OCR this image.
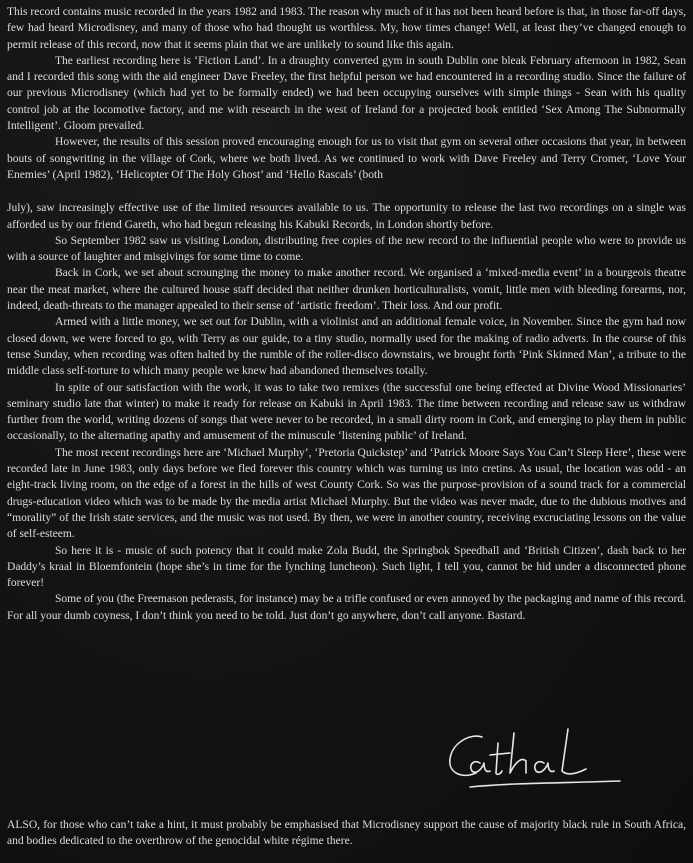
This record contains music recorded in the years 1982 and 1983. The reason why much of it has not been heard before is that, in those far-off days, few had heard Microdisney, and many of those who had thought us worthless. My, how times change! Well, at least they’ve changed enough to permit release of this record, now that it seems plain that we are unlikely to sound like this again.

The earliest recording here is ‘Fiction Land’. In a draughty converted gym in south Dublin one bleak February afternoon in 1982, Sean and I recorded this song with the aid engineer Dave Freeley, the first helpful person we had encountered in a recording studio. Since the failure of our previous Microdisney (which had yet to be formally ended) we had been occupying ourselves with simple things - Sean with his quality control job at the locomotive factory, and me with research in the west of Ireland for a projected book entitled ‘Sex Among The Subnormally Intelligent’. Gloom prevailed.

However, the results of this session proved encouraging enough for us to visit that gym on several other occasions that year, in between bouts of songwriting in the village of Cork, where we both lived. As we continued to work with Dave Freeley and Terry Cromer, ‘Love Your Enemies’ (April 1982), ‘Helicopter Of The Holy Ghost’ and ‘Hello Rascals’ (both

July), saw increasingly effective use of the limited resources available to us. The opportunity to release the last two recordings on a single was afforded us by our friend Gareth, who had begun releasing his Kabuki Records, in London shortly before.

So September 1982 saw us visiting London, distributing free copies of the new record to the influential people who were to provide us with a source of laughter and misgivings for some time to come.

Back in Cork, we set about scrounging the money to make another record. We organised a ‘mixed-media event’ in a bourgeois theatre near the meat market, where the cultured house staff decided that neither drunken horticulturalists, vomit, little men with bleeding forearms, nor, indeed, death-threats to the manager appealed to their sense of ‘artistic freedom’. Their loss. And our profit.

Armed with a little money, we set out for Dublin, with a violinist and an additional female voice, in November. Since the gym had now closed down, we were forced to go, with Terry as our guide, to a tiny studio, normally used for the making of radio adverts. In the course of this tense Sunday, when recording was often halted by the rumble of the roller-disco downstairs, we brought forth ‘Pink Skinned Man’, a tribute to the middle class self-torture to which many people we knew had abandoned themselves totally.

In spite of our satisfaction with the work, it was to take two remixes (the successful one being effected at Divine Wood Missionaries’ seminary studio late that winter) to make it ready for release on Kabuki in April 1983. The time between recording and release saw us withdraw further from the world, writing dozens of songs that were never to be recorded, in a small dirty room in Cork, and emerging to play them in public occasionally, to the alternating apathy and amusement of the minuscule ‘listening public’ of Ireland.

The most recent recordings here are ‘Michael Murphy’, ‘Pretoria Quickstep’ and ‘Patrick Moore Says You Can’t Sleep Here’, these were recorded late in June 1983, only days before we fled forever this country which was turning us into cretins. As usual, the location was odd - an eight-track living room, on the edge of a forest in the hills of west County Cork. So was the purpose-provision of a sound track for a commercial drugs-education video which was to be made by the media artist Michael Murphy. But the video was never made, due to the dubious motives and “morality” of the Irish state services, and the music was not used. By then, we were in another country, receiving excruciating lessons on the value of self-esteem.

So here it is - music of such potency that it could make Zola Budd, the Springbok Speedball and ‘British Citizen’, dash back to her Daddy’s kraal in Bloemfontein (hope she’s in time for the lynching luncheon). Such light, I tell you, cannot be hid under a disconnected phone forever!

Some of you (the Freemason pederasts, for instance) may be a trifle confused or even annoyed by the packaging and name of this record. For all your dumb coyness, I don’t think you need to be told. Just don’t go anywhere, don’t call anyone. Bastard.

ALSO, for those who can’t take a hint, it must probably be emphasised that Microdisney support the cause of majority black rule in South Africa, and bodies dedicated to the overthrow of the genocidal white régime there.
